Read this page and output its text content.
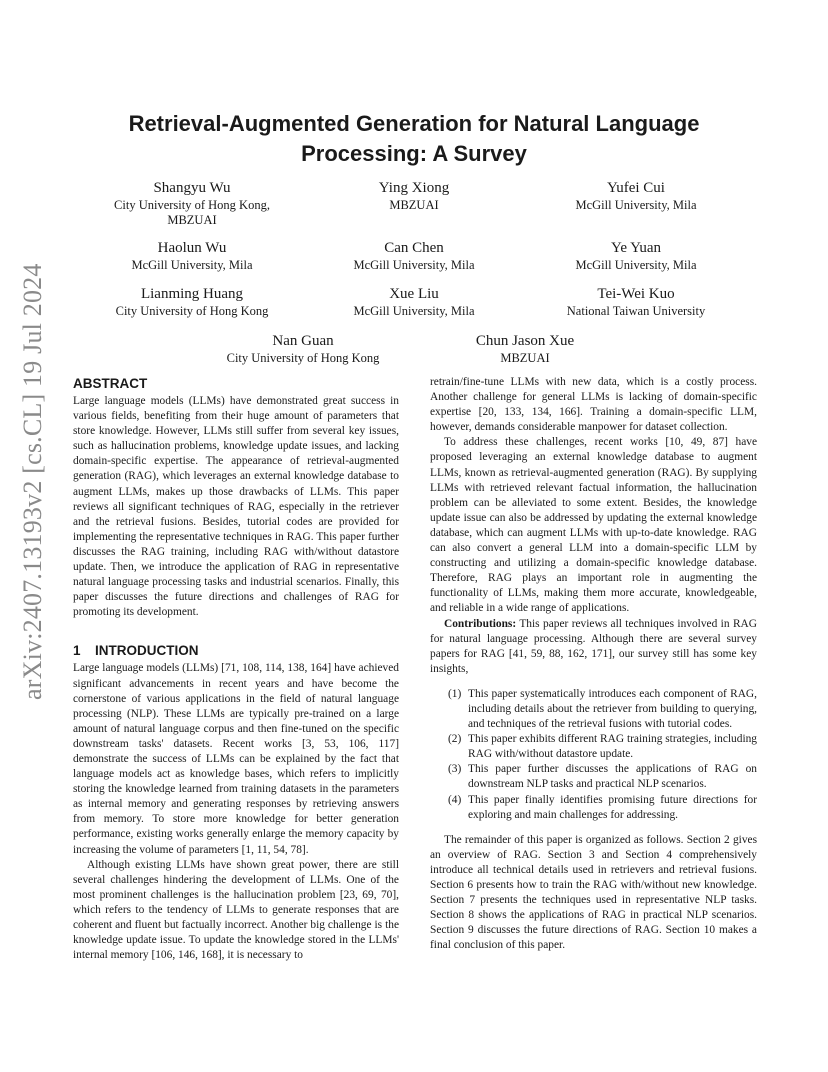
arXiv:2407.13193v2 [cs.CL] 19 Jul 2024
Retrieval-Augmented Generation for Natural Language Processing: A Survey
Shangyu Wu
City University of Hong Kong, MBZUAI
Ying Xiong
MBZUAI
Yufei Cui
McGill University, Mila
Haolun Wu
McGill University, Mila
Can Chen
McGill University, Mila
Ye Yuan
McGill University, Mila
Lianming Huang
City University of Hong Kong
Xue Liu
McGill University, Mila
Tei-Wei Kuo
National Taiwan University
Nan Guan
City University of Hong Kong
Chun Jason Xue
MBZUAI
ABSTRACT

Large language models (LLMs) have demonstrated great success in various fields, benefiting from their huge amount of parameters that store knowledge. However, LLMs still suffer from several key issues, such as hallucination problems, knowledge update issues, and lacking domain-specific expertise. The appearance of retrieval-augmented generation (RAG), which leverages an external knowledge database to augment LLMs, makes up those drawbacks of LLMs. This paper reviews all significant techniques of RAG, especially in the retriever and the retrieval fusions. Besides, tutorial codes are provided for implementing the representative techniques in RAG. This paper further discusses the RAG training, including RAG with/without datastore update. Then, we introduce the application of RAG in representative natural language processing tasks and industrial scenarios. Finally, this paper discusses the future directions and challenges of RAG for promoting its development.

1 INTRODUCTION

Large language models (LLMs) [71, 108, 114, 138, 164] have achieved significant advancements in recent years and have become the cornerstone of various applications in the field of natural language processing (NLP). These LLMs are typically pre-trained on a large amount of natural language corpus and then fine-tuned on the specific downstream tasks' datasets. Recent works [3, 53, 106, 117] demonstrate the success of LLMs can be explained by the fact that language models act as knowledge bases, which refers to implicitly storing the knowledge learned from training datasets in the parameters as internal memory and generating responses by retrieving answers from memory. To store more knowledge for better generation performance, existing works generally enlarge the memory capacity by increasing the volume of parameters [1, 11, 54, 78].

Although existing LLMs have shown great power, there are still several challenges hindering the development of LLMs. One of the most prominent challenges is the hallucination problem [23, 69, 70], which refers to the tendency of LLMs to generate responses that are coherent and fluent but factually incorrect. Another big challenge is the knowledge update issue. To update the knowledge stored in the LLMs' internal memory [106, 146, 168], it is necessary to

retrain/fine-tune LLMs with new data, which is a costly process. Another challenge for general LLMs is lacking of domain-specific expertise [20, 133, 134, 166]. Training a domain-specific LLM, however, demands considerable manpower for dataset collection.

To address these challenges, recent works [10, 49, 87] have proposed leveraging an external knowledge database to augment LLMs, known as retrieval-augmented generation (RAG). By supplying LLMs with retrieved relevant factual information, the hallucination problem can be alleviated to some extent. Besides, the knowledge update issue can also be addressed by updating the external knowledge database, which can augment LLMs with up-to-date knowledge. RAG can also convert a general LLM into a domain-specific LLM by constructing and utilizing a domain-specific knowledge database. Therefore, RAG plays an important role in augmenting the functionality of LLMs, making them more accurate, knowledgeable, and reliable in a wide range of applications.

Contributions: This paper reviews all techniques involved in RAG for natural language processing. Although there are several survey papers for RAG [41, 59, 88, 162, 171], our survey still has some key insights,

(1) This paper systematically introduces each component of RAG, including details about the retriever from building to querying, and techniques of the retrieval fusions with tutorial codes.
(2) This paper exhibits different RAG training strategies, including RAG with/without datastore update.
(3) This paper further discusses the applications of RAG on downstream NLP tasks and practical NLP scenarios.
(4) This paper finally identifies promising future directions for exploring and main challenges for addressing.

The remainder of this paper is organized as follows. Section 2 gives an overview of RAG. Section 3 and Section 4 comprehensively introduce all technical details used in retrievers and retrieval fusions. Section 6 presents how to train the RAG with/without new knowledge. Section 7 presents the techniques used in representative NLP tasks. Section 8 shows the applications of RAG in practical NLP scenarios. Section 9 discusses the future directions of RAG. Section 10 makes a final conclusion of this paper.
